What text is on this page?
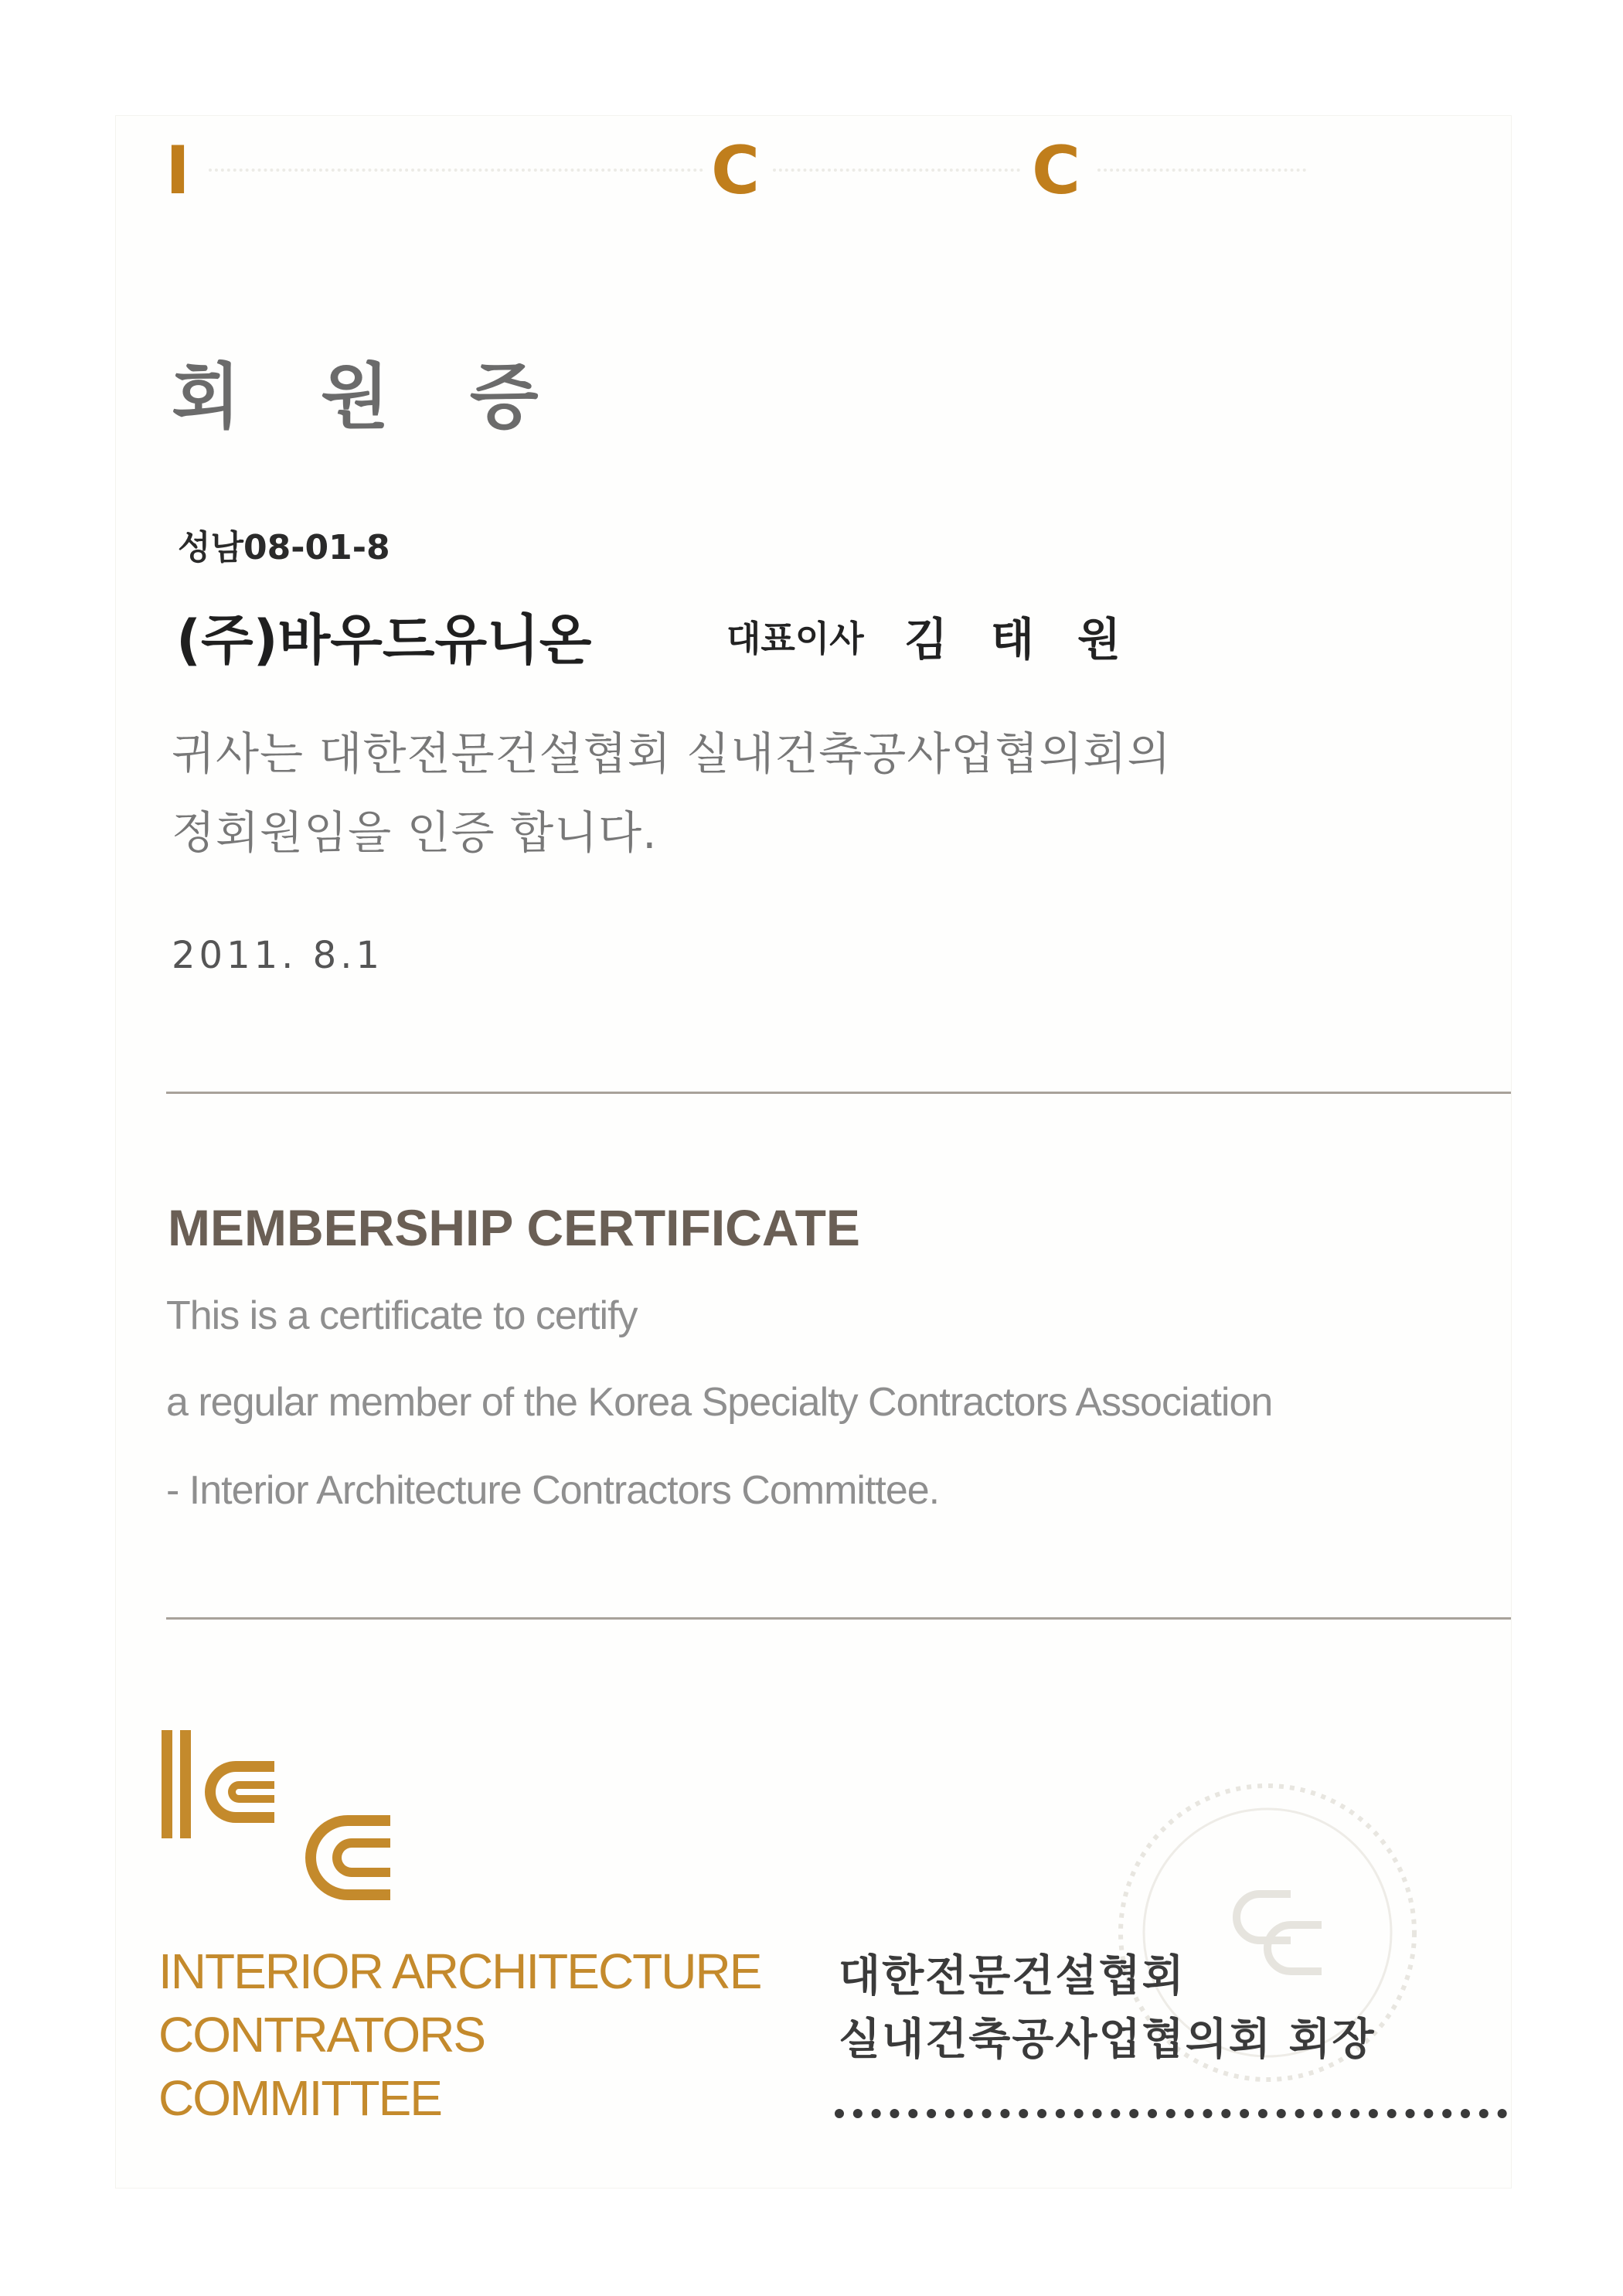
I	C	C
회원증
성남08-01-8
(주)바우드유니온	대표이사 김태원
귀사는 대한전문건설협회 실내건축공사업협의회의
정회원임을 인증 합니다.
2011. 8.1
MEMBERSHIP CERTIFICATE
This is a certificate to certify
a regular member of the Korea Specialty Contractors Association
- Interior Architecture Contractors Committee.
INTERIOR ARCHITECTURE
CONTRATORS
COMMITTEE
대한전문건설협회
실내건축공사업협의회 회장
